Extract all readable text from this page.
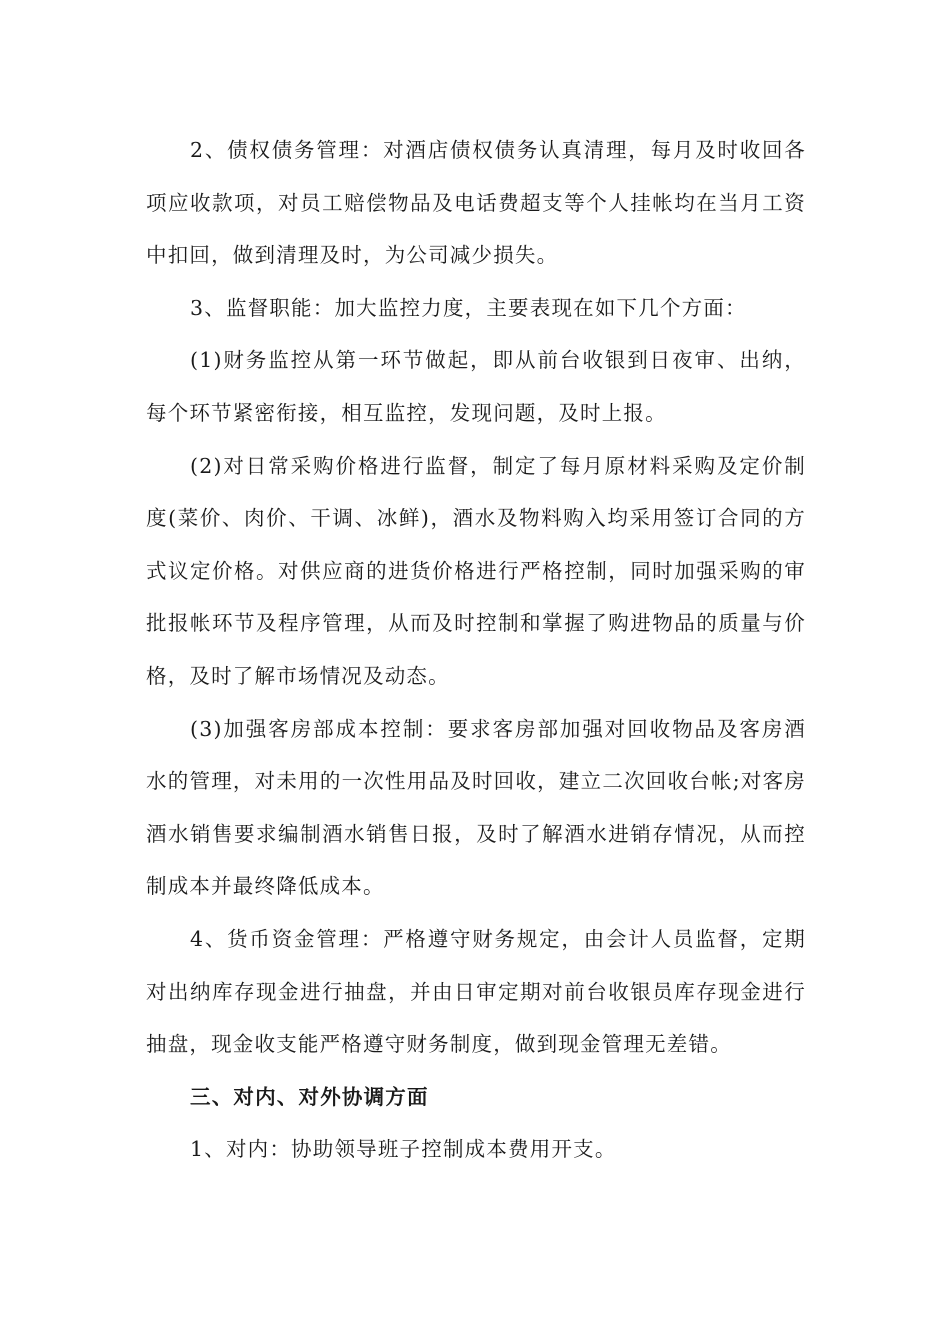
2、债权债务管理：对酒店债权债务认真清理，每月及时收回各项应收款项，对员工赔偿物品及电话费超支等个人挂帐均在当月工资中扣回，做到清理及时，为公司减少损失。

3、监督职能：加大监控力度，主要表现在如下几个方面：

(1)财务监控从第一环节做起，即从前台收银到日夜审、出纳，每个环节紧密衔接，相互监控，发现问题，及时上报。

(2)对日常采购价格进行监督，制定了每月原材料采购及定价制度(菜价、肉价、干调、冰鲜)，酒水及物料购入均采用签订合同的方式议定价格。对供应商的进货价格进行严格控制，同时加强采购的审批报帐环节及程序管理，从而及时控制和掌握了购进物品的质量与价格，及时了解市场情况及动态。

(3)加强客房部成本控制：要求客房部加强对回收物品及客房酒水的管理，对未用的一次性用品及时回收，建立二次回收台帐;对客房酒水销售要求编制酒水销售日报，及时了解酒水进销存情况，从而控制成本并最终降低成本。

4、货币资金管理：严格遵守财务规定，由会计人员监督，定期对出纳库存现金进行抽盘，并由日审定期对前台收银员库存现金进行抽盘，现金收支能严格遵守财务制度，做到现金管理无差错。

三、对内、对外协调方面

1、对内：协助领导班子控制成本费用开支。
